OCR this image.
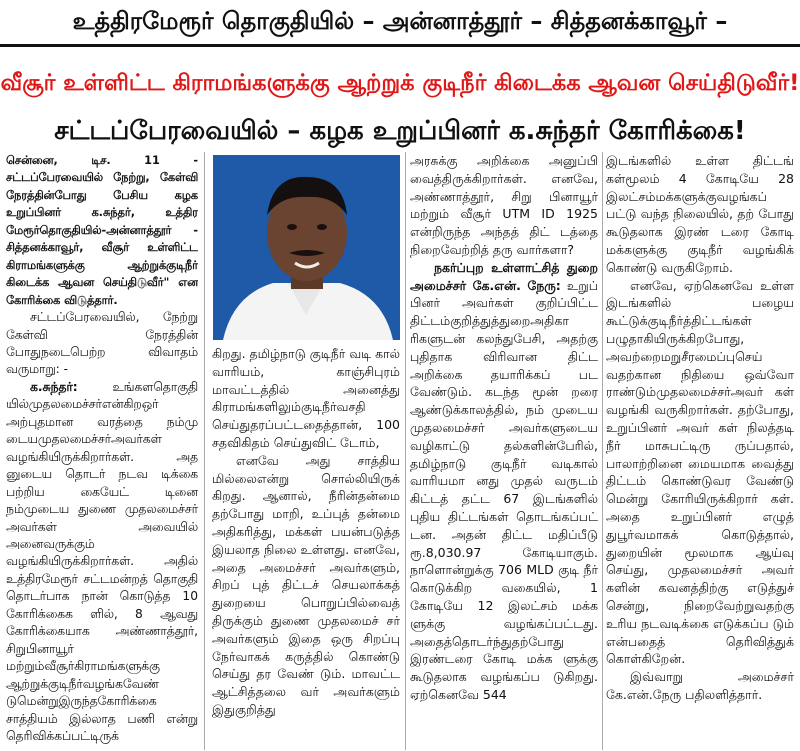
உத்திரமேரூர் தொகுதியில் – அன்னாத்தூர் – சித்தனக்காவூர் –
வீசூர் உள்ளிட்ட கிராமங்களுக்கு ஆற்றுக் குடிநீர் கிடைக்க ஆவன செய்திடுவீர்!
சட்டப்பேரவையில் – கழக உறுப்பினர் க.சுந்தர் கோரிக்கை!

சென்னை, டிச. 11 - சட்டப்பேரவையில் நேற்று, கேள்வி நேரத்தின்போது பேசிய கழக உறுப்பினர் க.சுந்தர், உத்திர மேரூர்தொகுதியில்-அன்னாத்தூர் - சித்தனக்காவூர், வீசூர் உள்ளிட்ட கிராமங்களுக்கு ஆற்றுக்குடிநீர் கிடைக்க ஆவன செய்திடுவீர்" என கோரிக்கை விடுத்தார்.

சட்டப்பேரவையில், நேற்று கேள்வி நேரத்தின் போதுநடைபெற்ற விவாதம் வருமாறு: -

க.சுந்தர்:	உங்களதொகுதி யில்முதலமைச்சர்என்கிறஒர் அற்புதமான வரத்தை நம்மு டையமுதலமைச்சர்அவர்கள் வழங்கியிருக்கிறார்கள். அத னுடைய தொடர் நடவ டிக்கை பற்றிய கையேட் டினை நம்முடைய துணை முதலமைச்சர் அவர்கள் அவையில் அனைவருக்கும் வழங்கியிருக்கிறார்கள். அதில் உத்திரமேரூர் சட்டமன்றத் தொகுதி தொடர்பாக நான் கொடுத்த 10 கோரிக்கைக ளில், 8 ஆவது கோரிக்கையாக அண்ணாத்தூர், சிறுபினாயூர் மற்றும்வீசூர்கிராமங்களுக்கு ஆற்றுக்குடிநீர்வழங்கவேண் டுமென்றுஇருந்தகோரிக்கை சாத்தியம் இல்லாத பணி என்று தெரிவிக்கப்பட்டிருக்

கிறது. தமிழ்நாடு குடிநீர் வடி கால் வாரியம், காஞ்சிபுரம் மாவட்டத்தில் அனைத்து கிராமங்களிலும்குடிநீர்வசதி செய்துதரப்பட்டதைத்தான், 100 சதவிகிதம் செய்துவிட் டோம்,

எனவே அது சாத்திய மில்லைஎன்று சொல்லியிருக் கிறது. ஆனால், நீரின்தன்மை தற்போது மாறி, உப்புத் தன்மை அதிகரித்து, மக்கள் பயன்படுத்த இயலாத நிலை உள்ளது. எனவே, அதை அமைச்சர் அவர்களும், சிறப் புத் திட்டச் செயலாக்கத் துறையை பொறுப்பில்வைத் திருக்கும் துணை முதலமைச் சர் அவர்களும் இதை ஒரு சிறப்பு நேர்வாகக் கருத்தில் கொண்டு செய்து தர வேண் டும். மாவட்ட ஆட்சித்தலை வர் அவர்களும் இதுகுறித்து

அரசுக்கு அறிக்கை அனுப்பி வைத்திருக்கிறார்கள். எனவே, அண்ணாத்தூர், சிறு பினாயூர் மற்றும் வீசூர் UTM ID 1925 என்றிருந்த அந்தத் திட் டத்தை நிறைவேற்றித் தரு வார்களா?

நகர்ப்புற உள்ளாட்சித் துறை அமைச்சர் கே.என். நேரு: உறுப் பினர் அவர்கள் குறிப்பிட்ட திட்டம்குறித்துத்துறைஅதிகா ரிகளுடன் கலந்துபேசி, அதற்கு புதிதாக விரிவான திட்ட அறிக்கை தயாரிக்கப் பட வேண்டும். கடந்த மூன் றரை ஆண்டுக்காலத்தில், நம் முடைய முதலமைச்சர் அவர்களுடைய வழிகாட்டு தல்களின்பேரில், தமிழ்நாடு குடிநீர் வடிகால் வாரியமா னது முதல் வருடம் கிட்டத் தட்ட 67 இடங்களில் புதிய திட்டங்கள் தொடங்கப்பட் டன. அதன் திட்ட மதிப்பீடு ரூ.8,030.97 கோடியாகும். நாளொன்றுக்கு 706 MLD குடி நீர் கொடுக்கிற வகையில், 1 கோடியே 12 இலட்சம் மக்க ளுக்கு வழங்கப்பட்டது. அதைத்தொடர்ந்துதற்போது இரண்டரை கோடி மக்க ளுக்கு கூடுதலாக வழங்கப்ப டுகிறது. ஏற்கெனவே 544

இடங்களில் உள்ள திட்டங் கள்மூலம் 4 கோடியே 28 இலட்சம்மக்களுக்குவழங்கப் பட்டு வந்த நிலையில், தற் போது கூடுதலாக இரண் டரை கோடி மக்களுக்கு குடிநீர் வழங்கிக் கொண்டு வருகிறோம்.

எனவே, ஏற்கெனவே உள்ள இடங்களில் பழைய கூட்டுக்குடிநீர்த்திட்டங்கள் பழுதாகியிருக்கிறபோது, அவற்றைமறுசீரமைப்புசெய் வதற்கான நிதியை ஒவ்வோ ராண்டும்முதலமைச்சர்அவர் கள் வழங்கி வருகிறார்கள். தற்போது, உறுப்பினர் அவர் கள் நிலத்தடி நீர் மாசுபட்டிரு ருப்பதால், பாலாற்றினை மையமாக வைத்து திட்டம் கொண்டுவர வேண்டு மென்று கோரியிருக்கிறார் கள். அதை உறுப்பினர் எழுத் துபூர்வமாகக் கொடுத்தால், துறையின் மூலமாக ஆய்வு செய்து, முதலமைச்சர் அவர் களின் கவனத்திற்கு எடுத்துச் சென்று, நிறைவேற்றுவதற்கு உரிய நடவடிக்கை எடுக்கப்ப டும் என்பதைத் தெரிவித்துக் கொள்கிறேன்.

இவ்வாறு அமைச்சர் கே.என்.நேரு பதிலளித்தார்.
